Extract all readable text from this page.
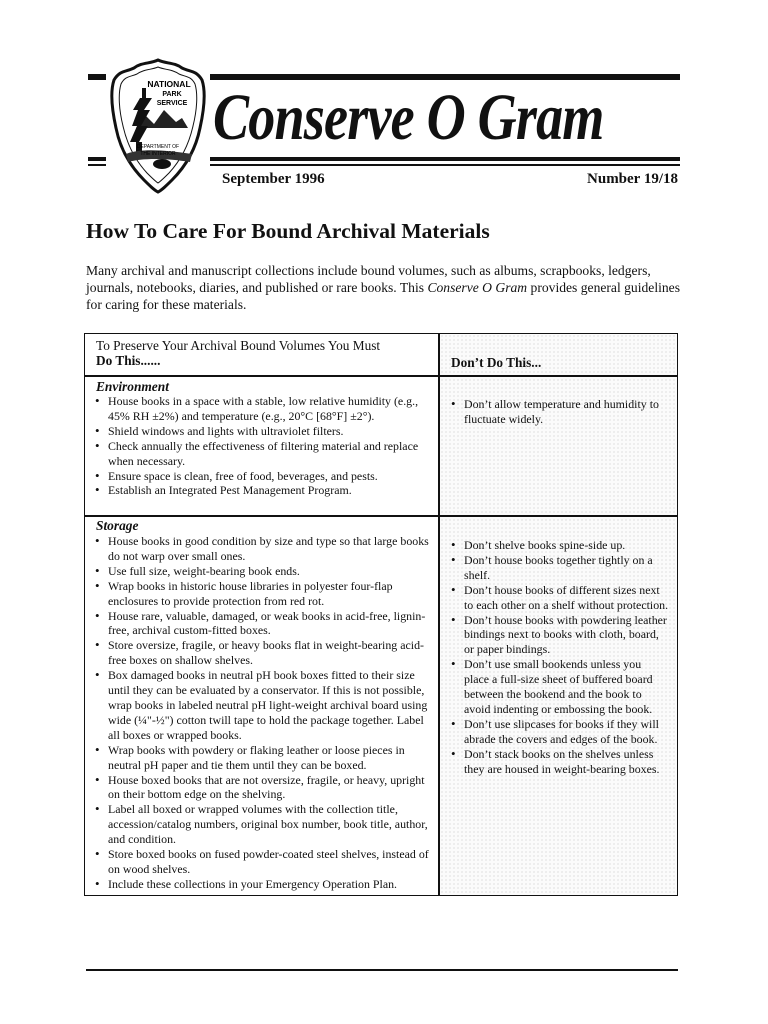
NATIONAL
PARK
SERVICE
DEPARTMENT OF
THE INTERIOR Conserve O Gram
September 1996	Number 19/18
How To Care For Bound Archival Materials
Many archival and manuscript collections include bound volumes, such as albums, scrapbooks, ledgers, journals, notebooks, diaries, and published or rare books. This Conserve O Gram provides general guidelines for caring for these materials.
To Preserve Your Archival Bound Volumes You Must
Do This......	Don’t Do This...
Environment
• House books in a space with a stable, low relative humidity (e.g., 45% RH ±2%) and temperature (e.g., 20°C [68°F] ±2°).
• Shield windows and lights with ultraviolet filters.
• Check annually the effectiveness of filtering material and replace when necessary.
• Ensure space is clean, free of food, beverages, and pests.
• Establish an Integrated Pest Management Program.
• Don’t allow temperature and humidity to fluctuate widely.
Storage
• House books in good condition by size and type so that large books do not warp over small ones.
• Use full size, weight-bearing book ends.
• Wrap books in historic house libraries in polyester four-flap enclosures to provide protection from red rot.
• House rare, valuable, damaged, or weak books in acid-free, lignin-free, archival custom-fitted boxes.
• Store oversize, fragile, or heavy books flat in weight-bearing acid-free boxes on shallow shelves.
• Box damaged books in neutral pH book boxes fitted to their size until they can be evaluated by a conservator. If this is not possible, wrap books in labeled neutral pH light-weight archival board using wide (¼"-½") cotton twill tape to hold the package together. Label all boxes or wrapped books.
• Wrap books with powdery or flaking leather or loose pieces in neutral pH paper and tie them until they can be boxed.
• House boxed books that are not oversize, fragile, or heavy, upright on their bottom edge on the shelving.
• Label all boxed or wrapped volumes with the collection title, accession/catalog numbers, original box number, book title, author, and condition.
• Store boxed books on fused powder-coated steel shelves, instead of on wood shelves.
• Include these collections in your Emergency Operation Plan.
• Don’t shelve books spine-side up.
• Don’t house books together tightly on a shelf.
• Don’t house books of different sizes next to each other on a shelf without protection.
• Don’t house books with powdering leather bindings next to books with cloth, board, or paper bindings.
• Don’t use small bookends unless you place a full-size sheet of buffered board between the bookend and the book to avoid indenting or embossing the book.
• Don’t use slipcases for books if they will abrade the covers and edges of the book.
• Don’t stack books on the shelves unless they are housed in weight-bearing boxes.
